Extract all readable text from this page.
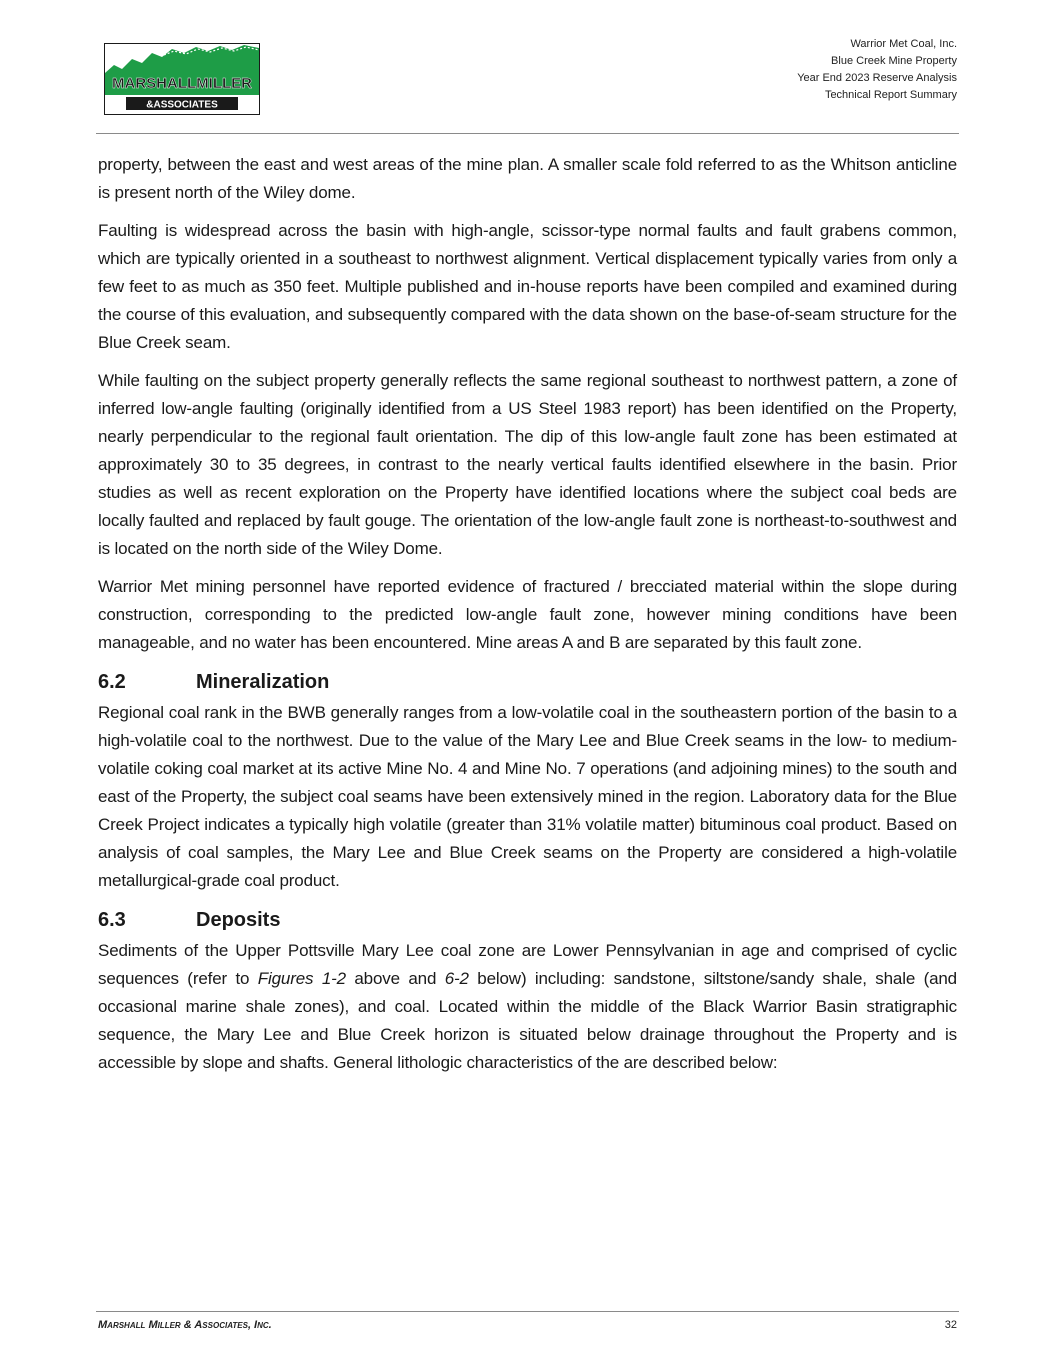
MARSHALLMILLER
&ASSOCIATES
Warrior Met Coal, Inc.
Blue Creek Mine Property
Year End 2023 Reserve Analysis
Technical Report Summary

property, between the east and west areas of the mine plan. A smaller scale fold referred to as the Whitson anticline is present north of the Wiley dome.

Faulting is widespread across the basin with high-angle, scissor-type normal faults and fault grabens common, which are typically oriented in a southeast to northwest alignment. Vertical displacement typically varies from only a few feet to as much as 350 feet. Multiple published and in-house reports have been compiled and examined during the course of this evaluation, and subsequently compared with the data shown on the base-of-seam structure for the Blue Creek seam.

While faulting on the subject property generally reflects the same regional southeast to northwest pattern, a zone of inferred low-angle faulting (originally identified from a US Steel 1983 report) has been identified on the Property, nearly perpendicular to the regional fault orientation. The dip of this low-angle fault zone has been estimated at approximately 30 to 35 degrees, in contrast to the nearly vertical faults identified elsewhere in the basin. Prior studies as well as recent exploration on the Property have identified locations where the subject coal beds are locally faulted and replaced by fault gouge. The orientation of the low-angle fault zone is northeast-to-southwest and is located on the north side of the Wiley Dome.

Warrior Met mining personnel have reported evidence of fractured / brecciated material within the slope during construction, corresponding to the predicted low-angle fault zone, however mining conditions have been manageable, and no water has been encountered. Mine areas A and B are separated by this fault zone.

6.2	Mineralization

Regional coal rank in the BWB generally ranges from a low-volatile coal in the southeastern portion of the basin to a high-volatile coal to the northwest. Due to the value of the Mary Lee and Blue Creek seams in the low- to medium-volatile coking coal market at its active Mine No. 4 and Mine No. 7 operations (and adjoining mines) to the south and east of the Property, the subject coal seams have been extensively mined in the region. Laboratory data for the Blue Creek Project indicates a typically high volatile (greater than 31% volatile matter) bituminous coal product. Based on analysis of coal samples, the Mary Lee and Blue Creek seams on the Property are considered a high-volatile metallurgical-grade coal product.

6.3	Deposits

Sediments of the Upper Pottsville Mary Lee coal zone are Lower Pennsylvanian in age and comprised of cyclic sequences (refer to Figures 1-2 above and 6-2 below) including: sandstone, siltstone/sandy shale, shale (and occasional marine shale zones), and coal. Located within the middle of the Black Warrior Basin stratigraphic sequence, the Mary Lee and Blue Creek horizon is situated below drainage throughout the Property and is accessible by slope and shafts. General lithologic characteristics of the are described below:

Marshall Miller & Associates, Inc.	32
